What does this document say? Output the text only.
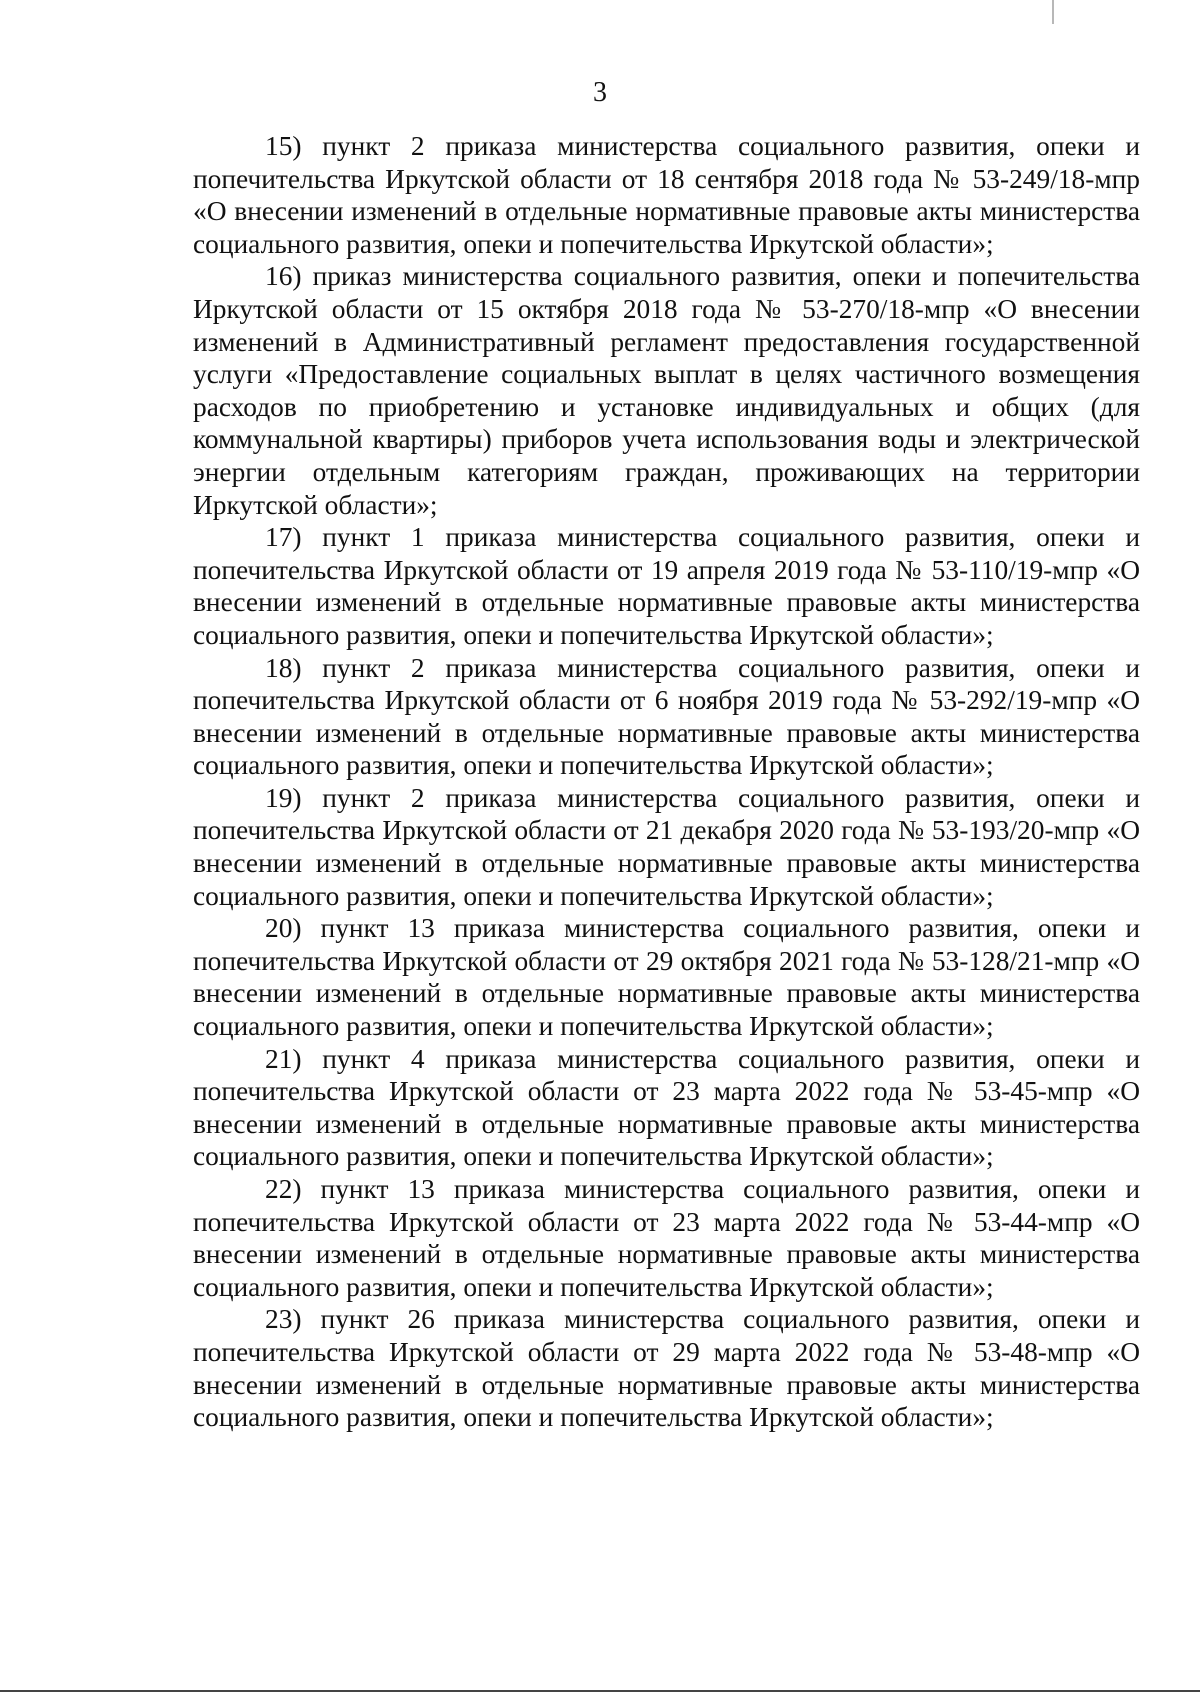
3

15) пункт 2 приказа министерства социального развития, опеки и попечительства Иркутской области от 18 сентября 2018 года № 53-249/18-мпр «О внесении изменений в отдельные нормативные правовые акты министерства социального развития, опеки и попечительства Иркутской области»;

16) приказ министерства социального развития, опеки и попечительства Иркутской области от 15 октября 2018 года № 53-270/18-мпр «О внесении изменений в Административный регламент предоставления государственной услуги «Предоставление социальных выплат в целях частичного возмещения расходов по приобретению и установке индивидуальных и общих (для коммунальной квартиры) приборов учета использования воды и электрической энергии отдельным категориям граждан, проживающих на территории Иркутской области»;

17) пункт 1 приказа министерства социального развития, опеки и попечительства Иркутской области от 19 апреля 2019 года № 53-110/19-мпр «О внесении изменений в отдельные нормативные правовые акты министерства социального развития, опеки и попечительства Иркутской области»;

18) пункт 2 приказа министерства социального развития, опеки и попечительства Иркутской области от 6 ноября 2019 года № 53-292/19-мпр «О внесении изменений в отдельные нормативные правовые акты министерства социального развития, опеки и попечительства Иркутской области»;

19) пункт 2 приказа министерства социального развития, опеки и попечительства Иркутской области от 21 декабря 2020 года № 53-193/20-мпр «О внесении изменений в отдельные нормативные правовые акты министерства социального развития, опеки и попечительства Иркутской области»;

20) пункт 13 приказа министерства социального развития, опеки и попечительства Иркутской области от 29 октября 2021 года № 53-128/21-мпр «О внесении изменений в отдельные нормативные правовые акты министерства социального развития, опеки и попечительства Иркутской области»;

21) пункт 4 приказа министерства социального развития, опеки и попечительства Иркутской области от 23 марта 2022 года № 53-45-мпр «О внесении изменений в отдельные нормативные правовые акты министерства социального развития, опеки и попечительства Иркутской области»;

22) пункт 13 приказа министерства социального развития, опеки и попечительства Иркутской области от 23 марта 2022 года № 53-44-мпр «О внесении изменений в отдельные нормативные правовые акты министерства социального развития, опеки и попечительства Иркутской области»;

23) пункт 26 приказа министерства социального развития, опеки и попечительства Иркутской области от 29 марта 2022 года № 53-48-мпр «О внесении изменений в отдельные нормативные правовые акты министерства социального развития, опеки и попечительства Иркутской области»;
